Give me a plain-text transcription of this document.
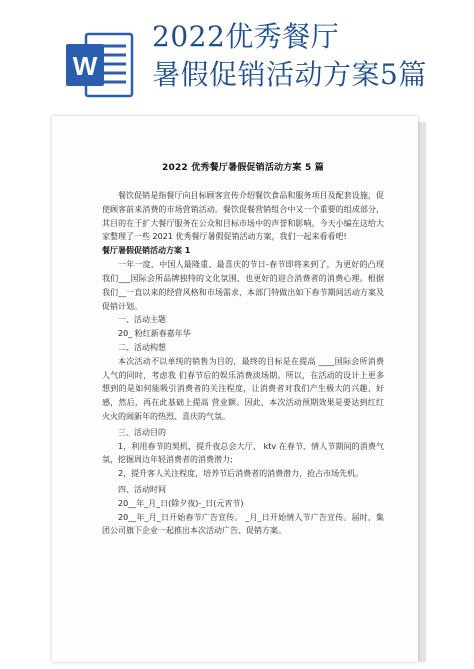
W
2022优秀餐厅
暑假促销活动方案5篇
2022 优秀餐厅暑假促销活动方案 5 篇

餐饮促销是指餐厅向目标顾客宣传介绍餐饮食品和服务项目及配套设施，促使顾客前来消费的市场营销活动。餐饮促餐营销组合中又一个重要的组成部分，其目的在于扩大餐厅服务在公众和目标市场中的声誉和影响。今天小编在这给大家整理了一些 2021 优秀餐厅暑假促销活动方案，我们一起来看看吧!

餐厅暑假促销活动方案 1

一年一度，中国人最隆重、最喜庆的节日-春节即将来到了，为更好的凸现我们___国际会所品牌独特的文化氛围，也更好的迎合消费者的消费心理。根据我们__一直以来的经营风格和市场需求，本部门特做出如下春节期间活动方案及促销计划。

一、活动主题

20_ 粉红新春嘉年华

二、活动构想

本次活动不以单纯的销售为目的，最终的目标是在提高 ____国际会所消费人气的同时，考虑我 们春节后的娱乐消费淡场期。所以，在活动的设计上更多想到的是如何能吸引消费者的关注程度，让消费者对我们产生极大的兴趣、好感，然后，再在此基础上提高 营业额。因此，本次活动预期效果是要达到红红火火的闹新年的热烈、喜庆的气氛。

三、活动目的

1，利用春节的契机，提升夜总会大厅、 ktv 在春节、情人节期间的消费气氛，挖掘周边年轻消费者的消费潜力;

2，提升客人关注程度，培养节后消费者的消费潜力，抢占市场先机。

四、活动时间

20__年_月_日(除夕夜)-_日(元宵节)

20__年_月_日开始春节广告宣传。 _月_日开始情人节广告宣传。届时，集团公司旗下企业一起推出本次活动广告、促销方案。
